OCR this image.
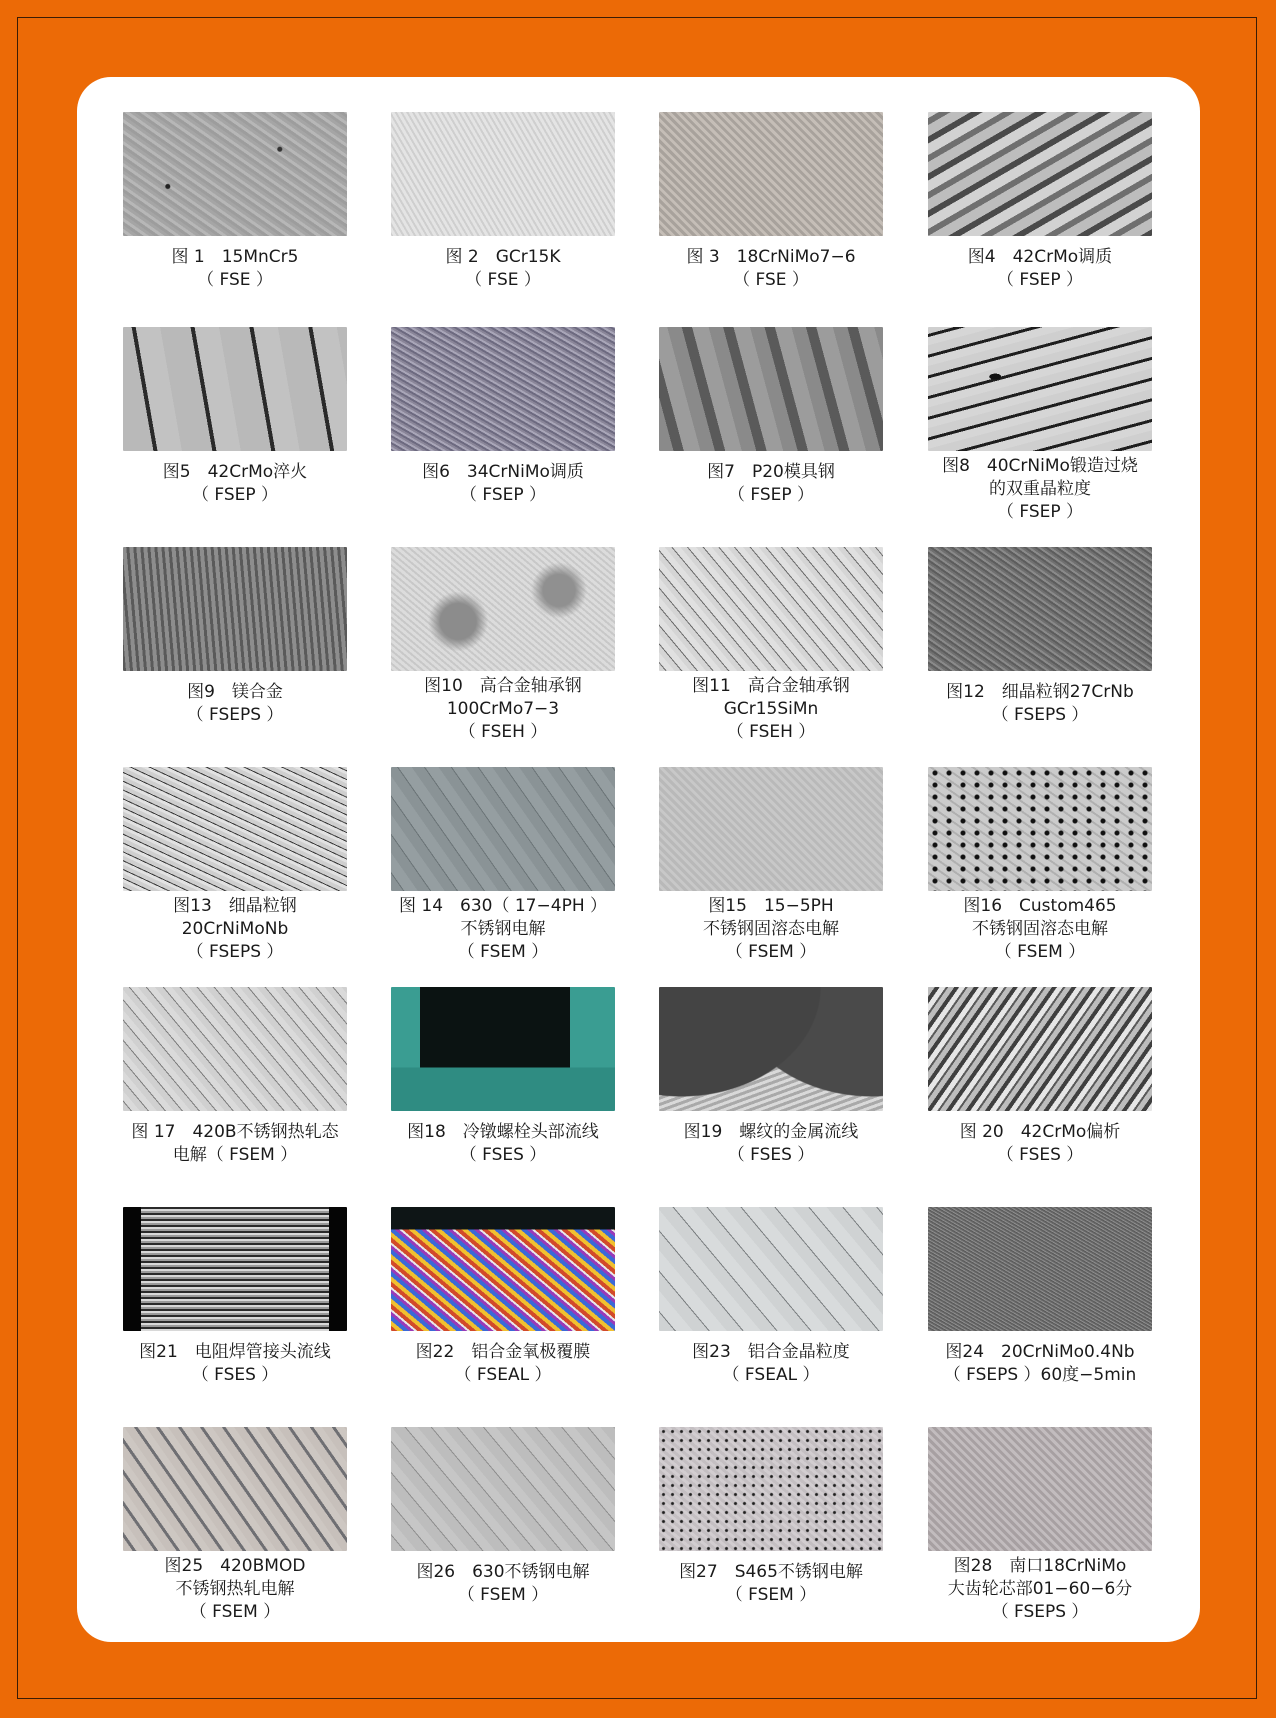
图 1　15MnCr5
（ FSE ）
图 2　GCr15K
（ FSE ）
图 3　18CrNiMo7−6
（ FSE ）
图4　42CrMo调质
（ FSEP ）
图5　42CrMo淬火
（ FSEP ）
图6　34CrNiMo调质
（ FSEP ）
图7　P20模具钢
（ FSEP ）
图8　40CrNiMo锻造过烧
的双重晶粒度
（ FSEP ）
图9　镁合金
（ FSEPS ）
图10　高合金轴承钢
100CrMo7−3
（ FSEH ）
图11　高合金轴承钢
GCr15SiMn
（ FSEH ）
图12　细晶粒钢27CrNb
（ FSEPS ）
图13　细晶粒钢
20CrNiMoNb
（ FSEPS ）
图 14　630（ 17−4PH ）
不锈钢电解
（ FSEM ）
图15　15−5PH
不锈钢固溶态电解
（ FSEM ）
图16　Custom465
不锈钢固溶态电解
（ FSEM ）
图 17　420B不锈钢热轧态
电解（ FSEM ）
图18　冷镦螺栓头部流线
（ FSES ）
图19　螺纹的金属流线
（ FSES ）
图 20　42CrMo偏析
（ FSES ）
图21　电阻焊管接头流线
（ FSES ）
图22　铝合金氧极覆膜
（ FSEAL ）
图23　铝合金晶粒度
（ FSEAL ）
图24　20CrNiMo0.4Nb
（ FSEPS ）60度−5min
图25　420BMOD
不锈钢热轧电解
（ FSEM ）
图26　630不锈钢电解
（ FSEM ）
图27　S465不锈钢电解
（ FSEM ）
图28　南口18CrNiMo
大齿轮芯部01−60−6分
（ FSEPS ）
